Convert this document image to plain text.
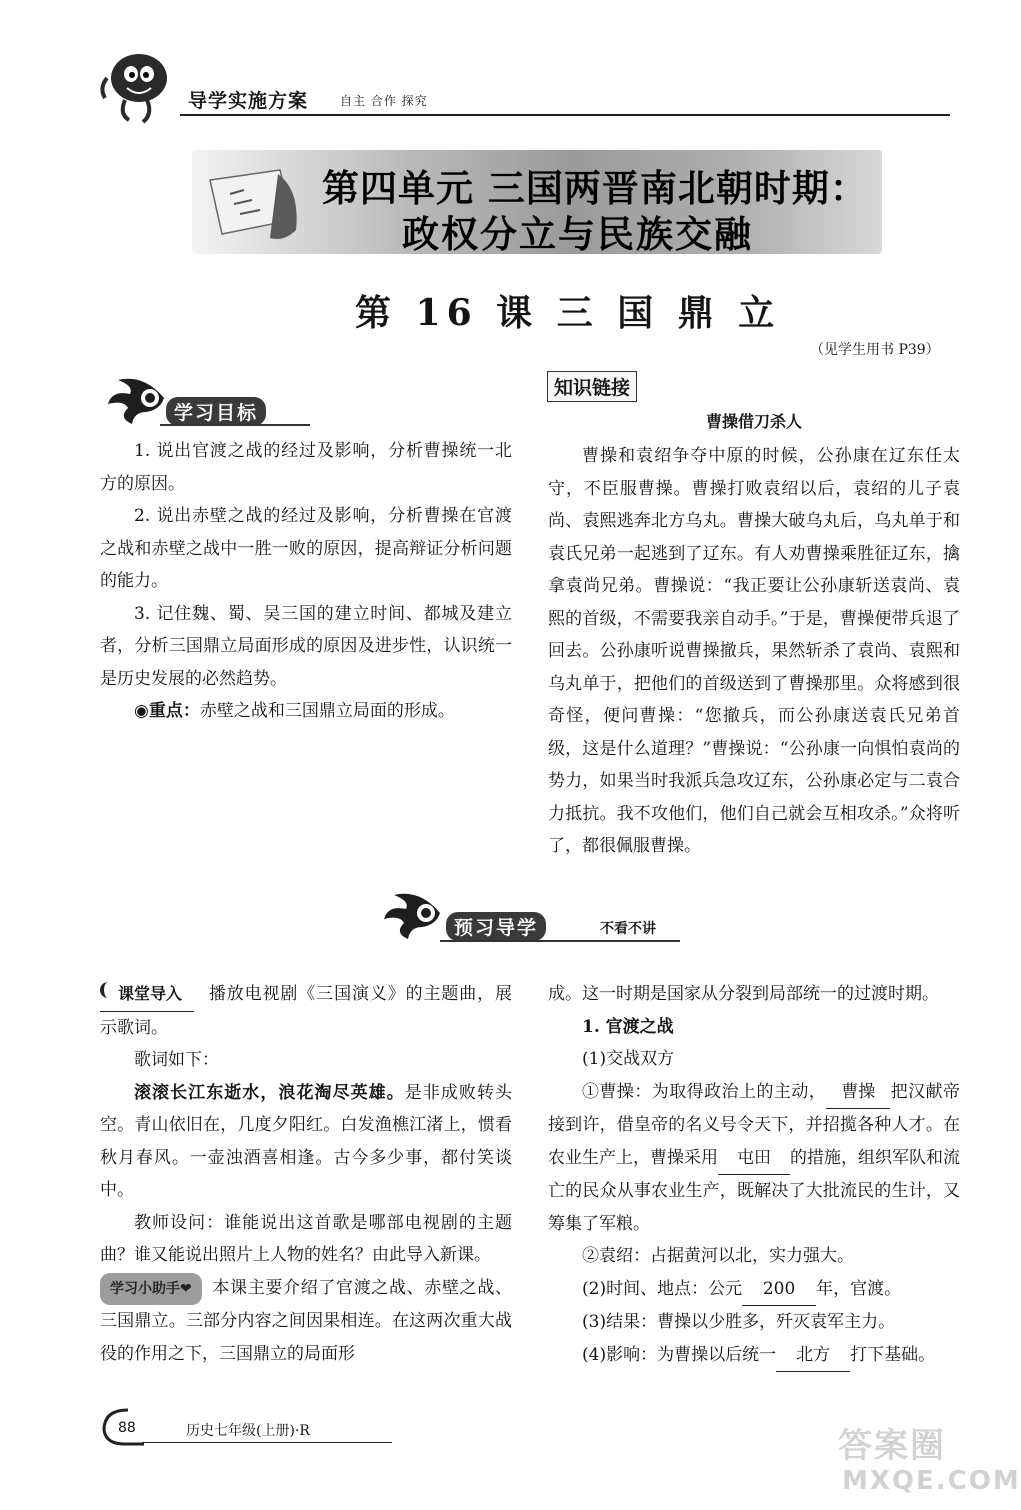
导学实施方案	自主 合作 探究
第四单元 三国两晋南北朝时期：
政权分立与民族交融
第 16 课 三 国 鼎 立
（见学生用书 P39）
学习目标

1. 说出官渡之战的经过及影响，分析曹操统一北方的原因。

2. 说出赤壁之战的经过及影响，分析曹操在官渡之战和赤壁之战中一胜一败的原因，提高辩证分析问题的能力。

3. 记住魏、蜀、吴三国的建立时间、都城及建立者，分析三国鼎立局面形成的原因及进步性，认识统一是历史发展的必然趋势。

◉重点：赤壁之战和三国鼎立局面的形成。

知识链接

曹操借刀杀人

曹操和袁绍争夺中原的时候，公孙康在辽东任太守，不臣服曹操。曹操打败袁绍以后，袁绍的儿子袁尚、袁熙逃奔北方乌丸。曹操大破乌丸后，乌丸单于和袁氏兄弟一起逃到了辽东。有人劝曹操乘胜征辽东，擒拿袁尚兄弟。曹操说：“我正要让公孙康斩送袁尚、袁熙的首级，不需要我亲自动手。”于是，曹操便带兵退了回去。公孙康听说曹操撤兵，果然斩杀了袁尚、袁熙和乌丸单于，把他们的首级送到了曹操那里。众将感到很奇怪，便问曹操：“您撤兵，而公孙康送袁氏兄弟首级，这是什么道理？”曹操说：“公孙康一向惧怕袁尚的势力，如果当时我派兵急攻辽东，公孙康必定与二袁合力抵抗。我不攻他们，他们自己就会互相攻杀。”众将听了，都很佩服曹操。

预习导学	不看不讲

课堂导入 播放电视剧《三国演义》的主题曲，展示歌词。

歌词如下：

滚滚长江东逝水，浪花淘尽英雄。是非成败转头空。青山依旧在，几度夕阳红。白发渔樵江渚上，惯看秋月春风。一壶浊酒喜相逢。古今多少事，都付笑谈中。

教师设问：谁能说出这首歌是哪部电视剧的主题曲？谁又能说出照片上人物的姓名？由此导入新课。

学习小助手❤ 本课主要介绍了官渡之战、赤壁之战、三国鼎立。三部分内容之间因果相连。在这两次重大战役的作用之下，三国鼎立的局面形

成。这一时期是国家从分裂到局部统一的过渡时期。

1. 官渡之战

(1)交战双方

①曹操：为取得政治上的主动， 曹操 把汉献帝接到许，借皇帝的名义号令天下，并招揽各种人才。在农业生产上，曹操采用 屯田 的措施，组织军队和流亡的民众从事农业生产，既解决了大批流民的生计，又筹集了军粮。

②袁绍：占据黄河以北，实力强大。

(2)时间、地点：公元 200 年，官渡。

(3)结果：曹操以少胜多，歼灭袁军主力。

(4)影响：为曹操以后统一 北方 打下基础。

88	历史七年级(上册)·R	答案圈
MXQE.COM
